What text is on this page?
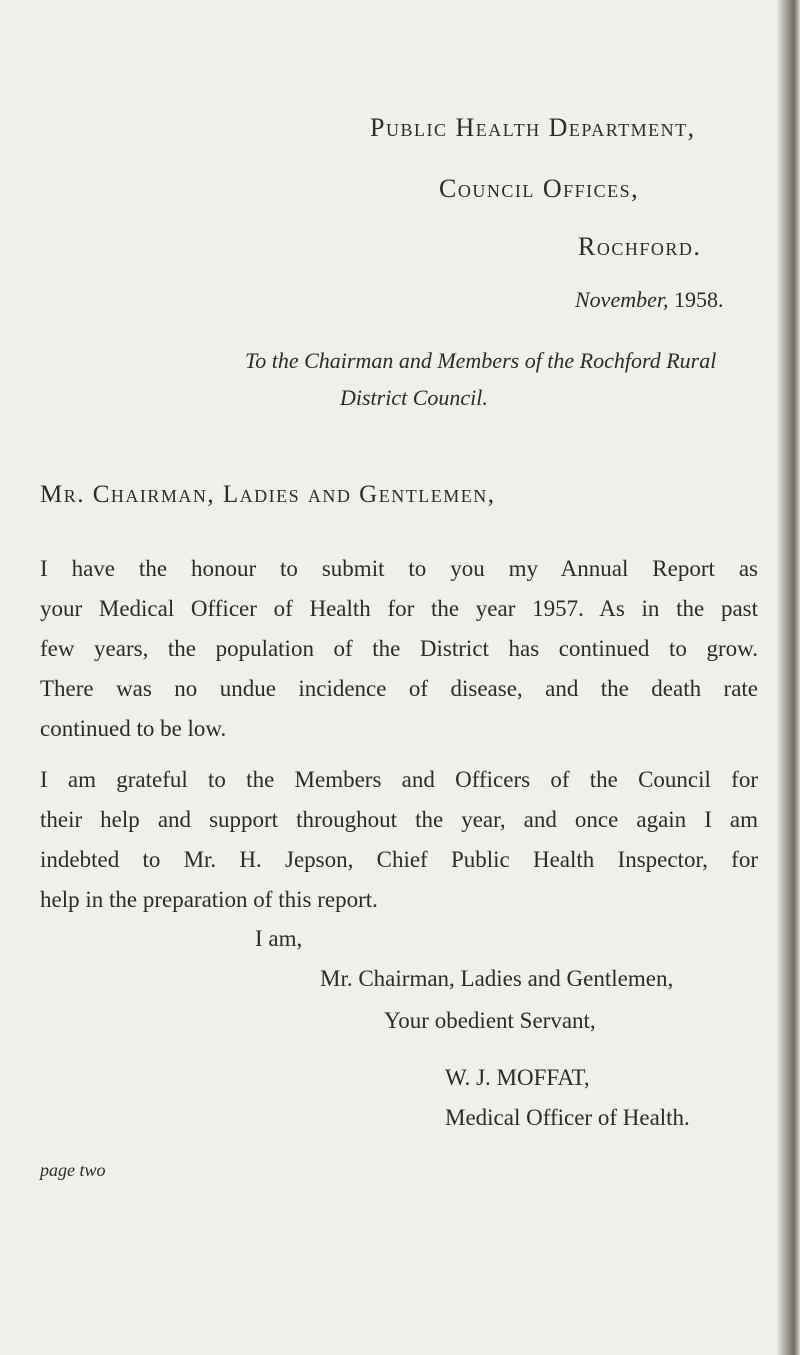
Public Health Department,
Council Offices,
Rochford.
November, 1958.
To the Chairman and Members of the Rochford Rural
District Council.
Mr. Chairman, Ladies and Gentlemen,
I have the honour to submit to you my Annual Report as
your Medical Officer of Health for the year 1957. As in the past
few years, the population of the District has continued to grow.
There was no undue incidence of disease, and the death rate
continued to be low.
I am grateful to the Members and Officers of the Council for
their help and support throughout the year, and once again I am
indebted to Mr. H. Jepson, Chief Public Health Inspector, for
help in the preparation of this report.
I am,
Mr. Chairman, Ladies and Gentlemen,
Your obedient Servant,
W. J. MOFFAT,
Medical Officer of Health.
page two
